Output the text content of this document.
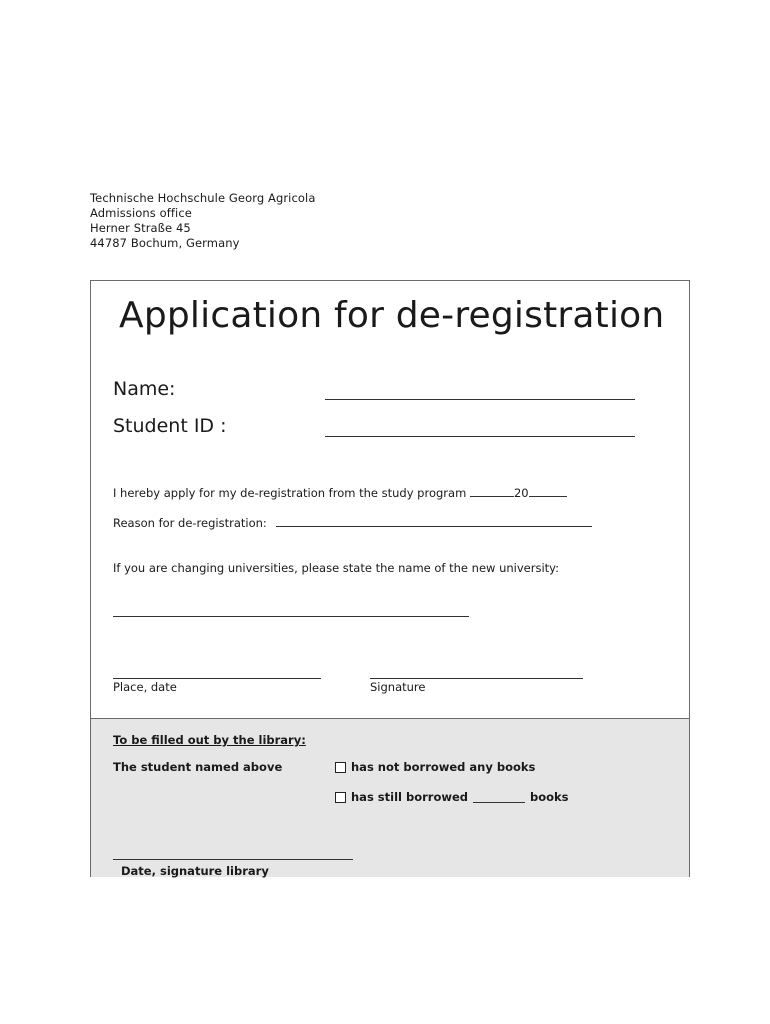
Technische Hochschule Georg Agricola
Admissions office
Herner Straße 45
44787 Bochum, Germany
Application for de-registration
Name:
Student ID :
I hereby apply for my de-registration from the study program	20
Reason for de-registration:
If you are changing universities, please state the name of the new university:
Place, date	Signature
To be filled out by the library:
The student named above	has not borrowed any books
has still borrowed	books
Date, signature library
